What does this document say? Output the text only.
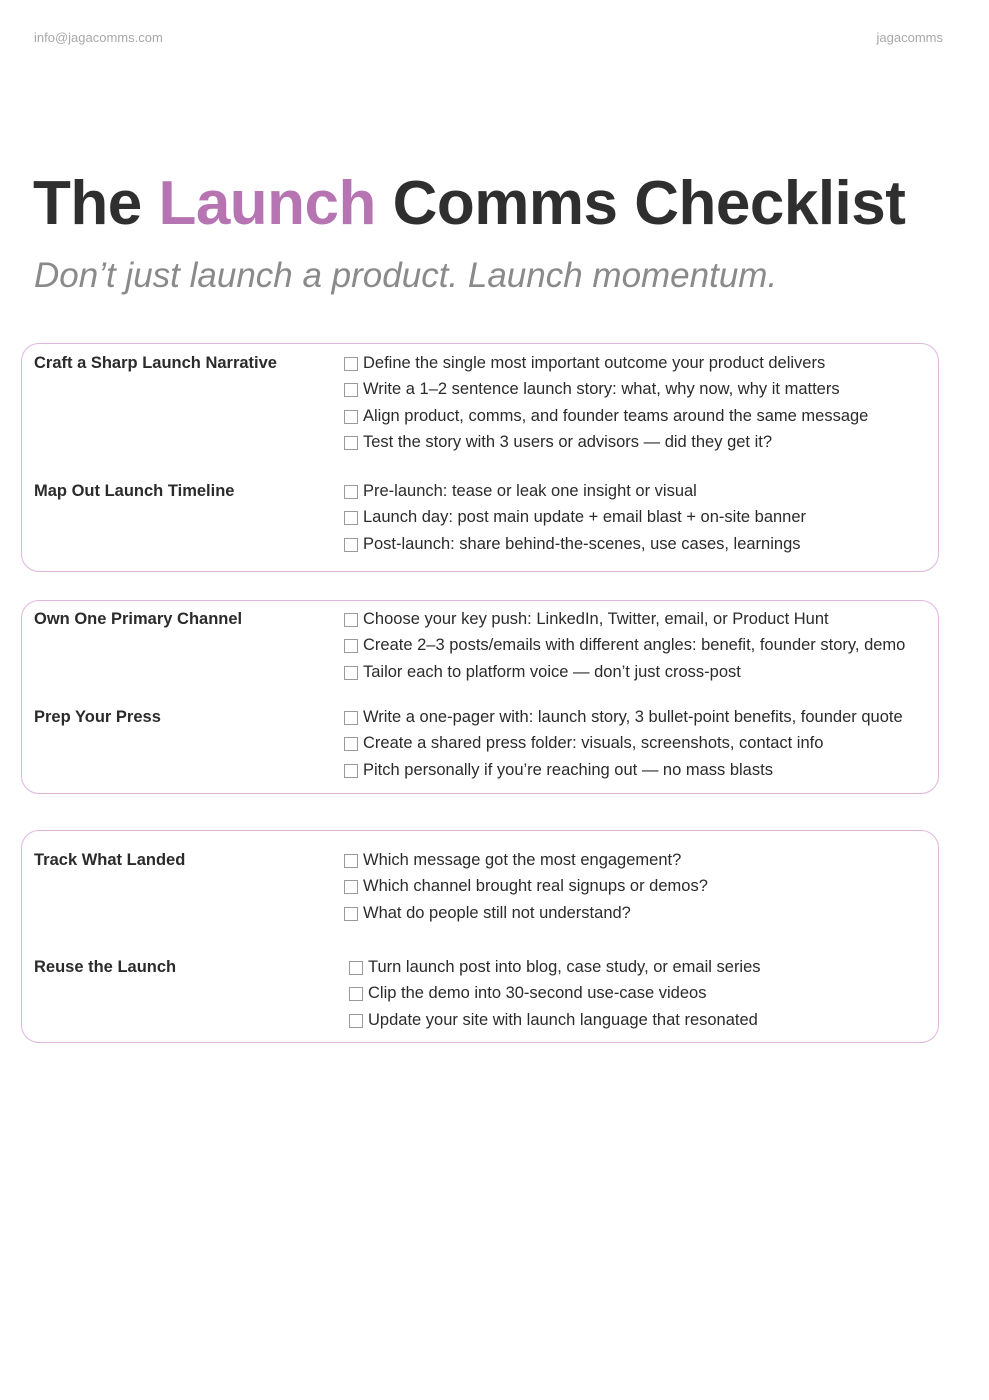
info@jagacomms.com	jagacomms
The Launch Comms Checklist
Don’t just launch a product. Launch momentum.
Craft a Sharp Launch Narrative	Define the single most important outcome your product delivers
Write a 1–2 sentence launch story: what, why now, why it matters
Align product, comms, and founder teams around the same message
Test the story with 3 users or advisors — did they get it?
Map Out Launch Timeline	Pre-launch: tease or leak one insight or visual
Launch day: post main update + email blast + on-site banner
Post-launch: share behind-the-scenes, use cases, learnings
Own One Primary Channel	Choose your key push: LinkedIn, Twitter, email, or Product Hunt
Create 2–3 posts/emails with different angles: benefit, founder story, demo
Tailor each to platform voice — don’t just cross-post
Prep Your Press	Write a one-pager with: launch story, 3 bullet-point benefits, founder quote
Create a shared press folder: visuals, screenshots, contact info
Pitch personally if you’re reaching out — no mass blasts
Track What Landed	Which message got the most engagement?
Which channel brought real signups or demos?
What do people still not understand?
Reuse the Launch	Turn launch post into blog, case study, or email series
Clip the demo into 30-second use-case videos
Update your site with launch language that resonated
